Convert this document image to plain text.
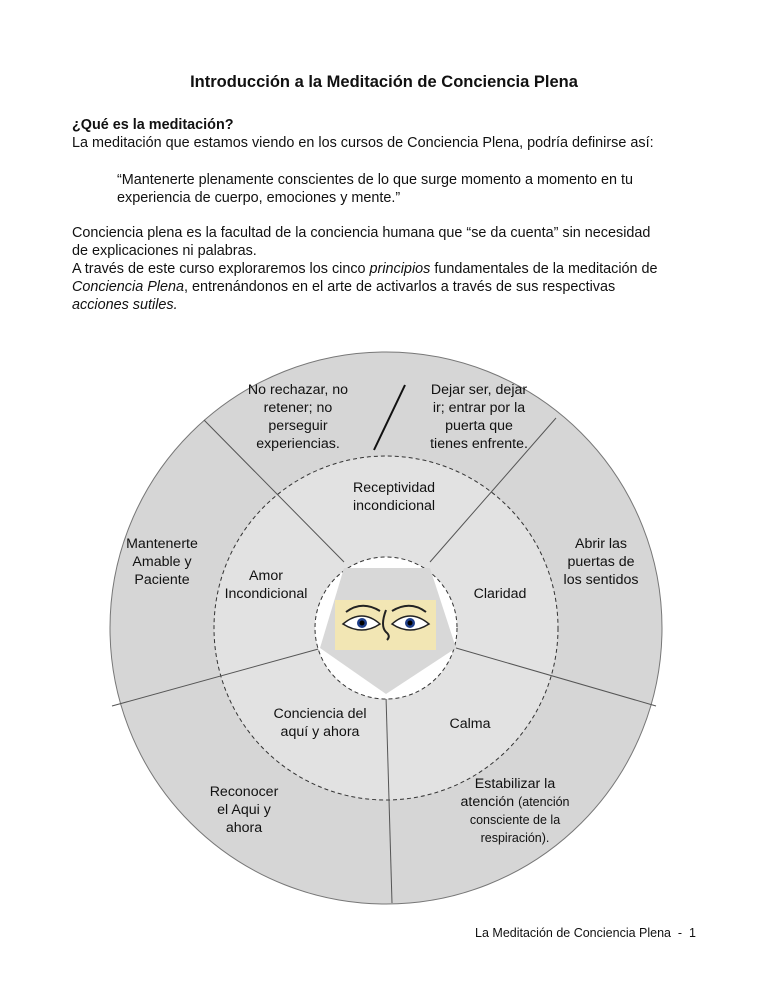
Introducción a la Meditación de Conciencia Plena
¿Qué es la meditación?
La meditación que estamos viendo en los cursos de Conciencia Plena, podría definirse así:
“Mantenerte plenamente conscientes de lo que surge momento a momento en tu
experiencia de cuerpo, emociones y mente.”

Conciencia plena es la facultad de la conciencia humana que “se da cuenta” sin necesidad

de explicaciones ni palabras.

A través de este curso exploraremos los cinco principios fundamentales de la meditación de

Conciencia Plena, entrenándonos en el arte de activarlos a través de sus respectivas

acciones sutiles.

No rechazar, no
retener; no
perseguir
experiencias.
Dejar ser, dejar
ir; entrar por la
puerta que
tienes enfrente.
Mantenerte
Amable y
Paciente
Abrir las
puertas de
los sentidos
Reconocer
el Aqui y
ahora
Estabilizar la
atención (atención
consciente de la
respiración).
Receptividad
incondicional
Amor
Incondicional	Claridad
Conciencia del
aquí y ahora	Calma
La Meditación de Conciencia Plena  -  1
